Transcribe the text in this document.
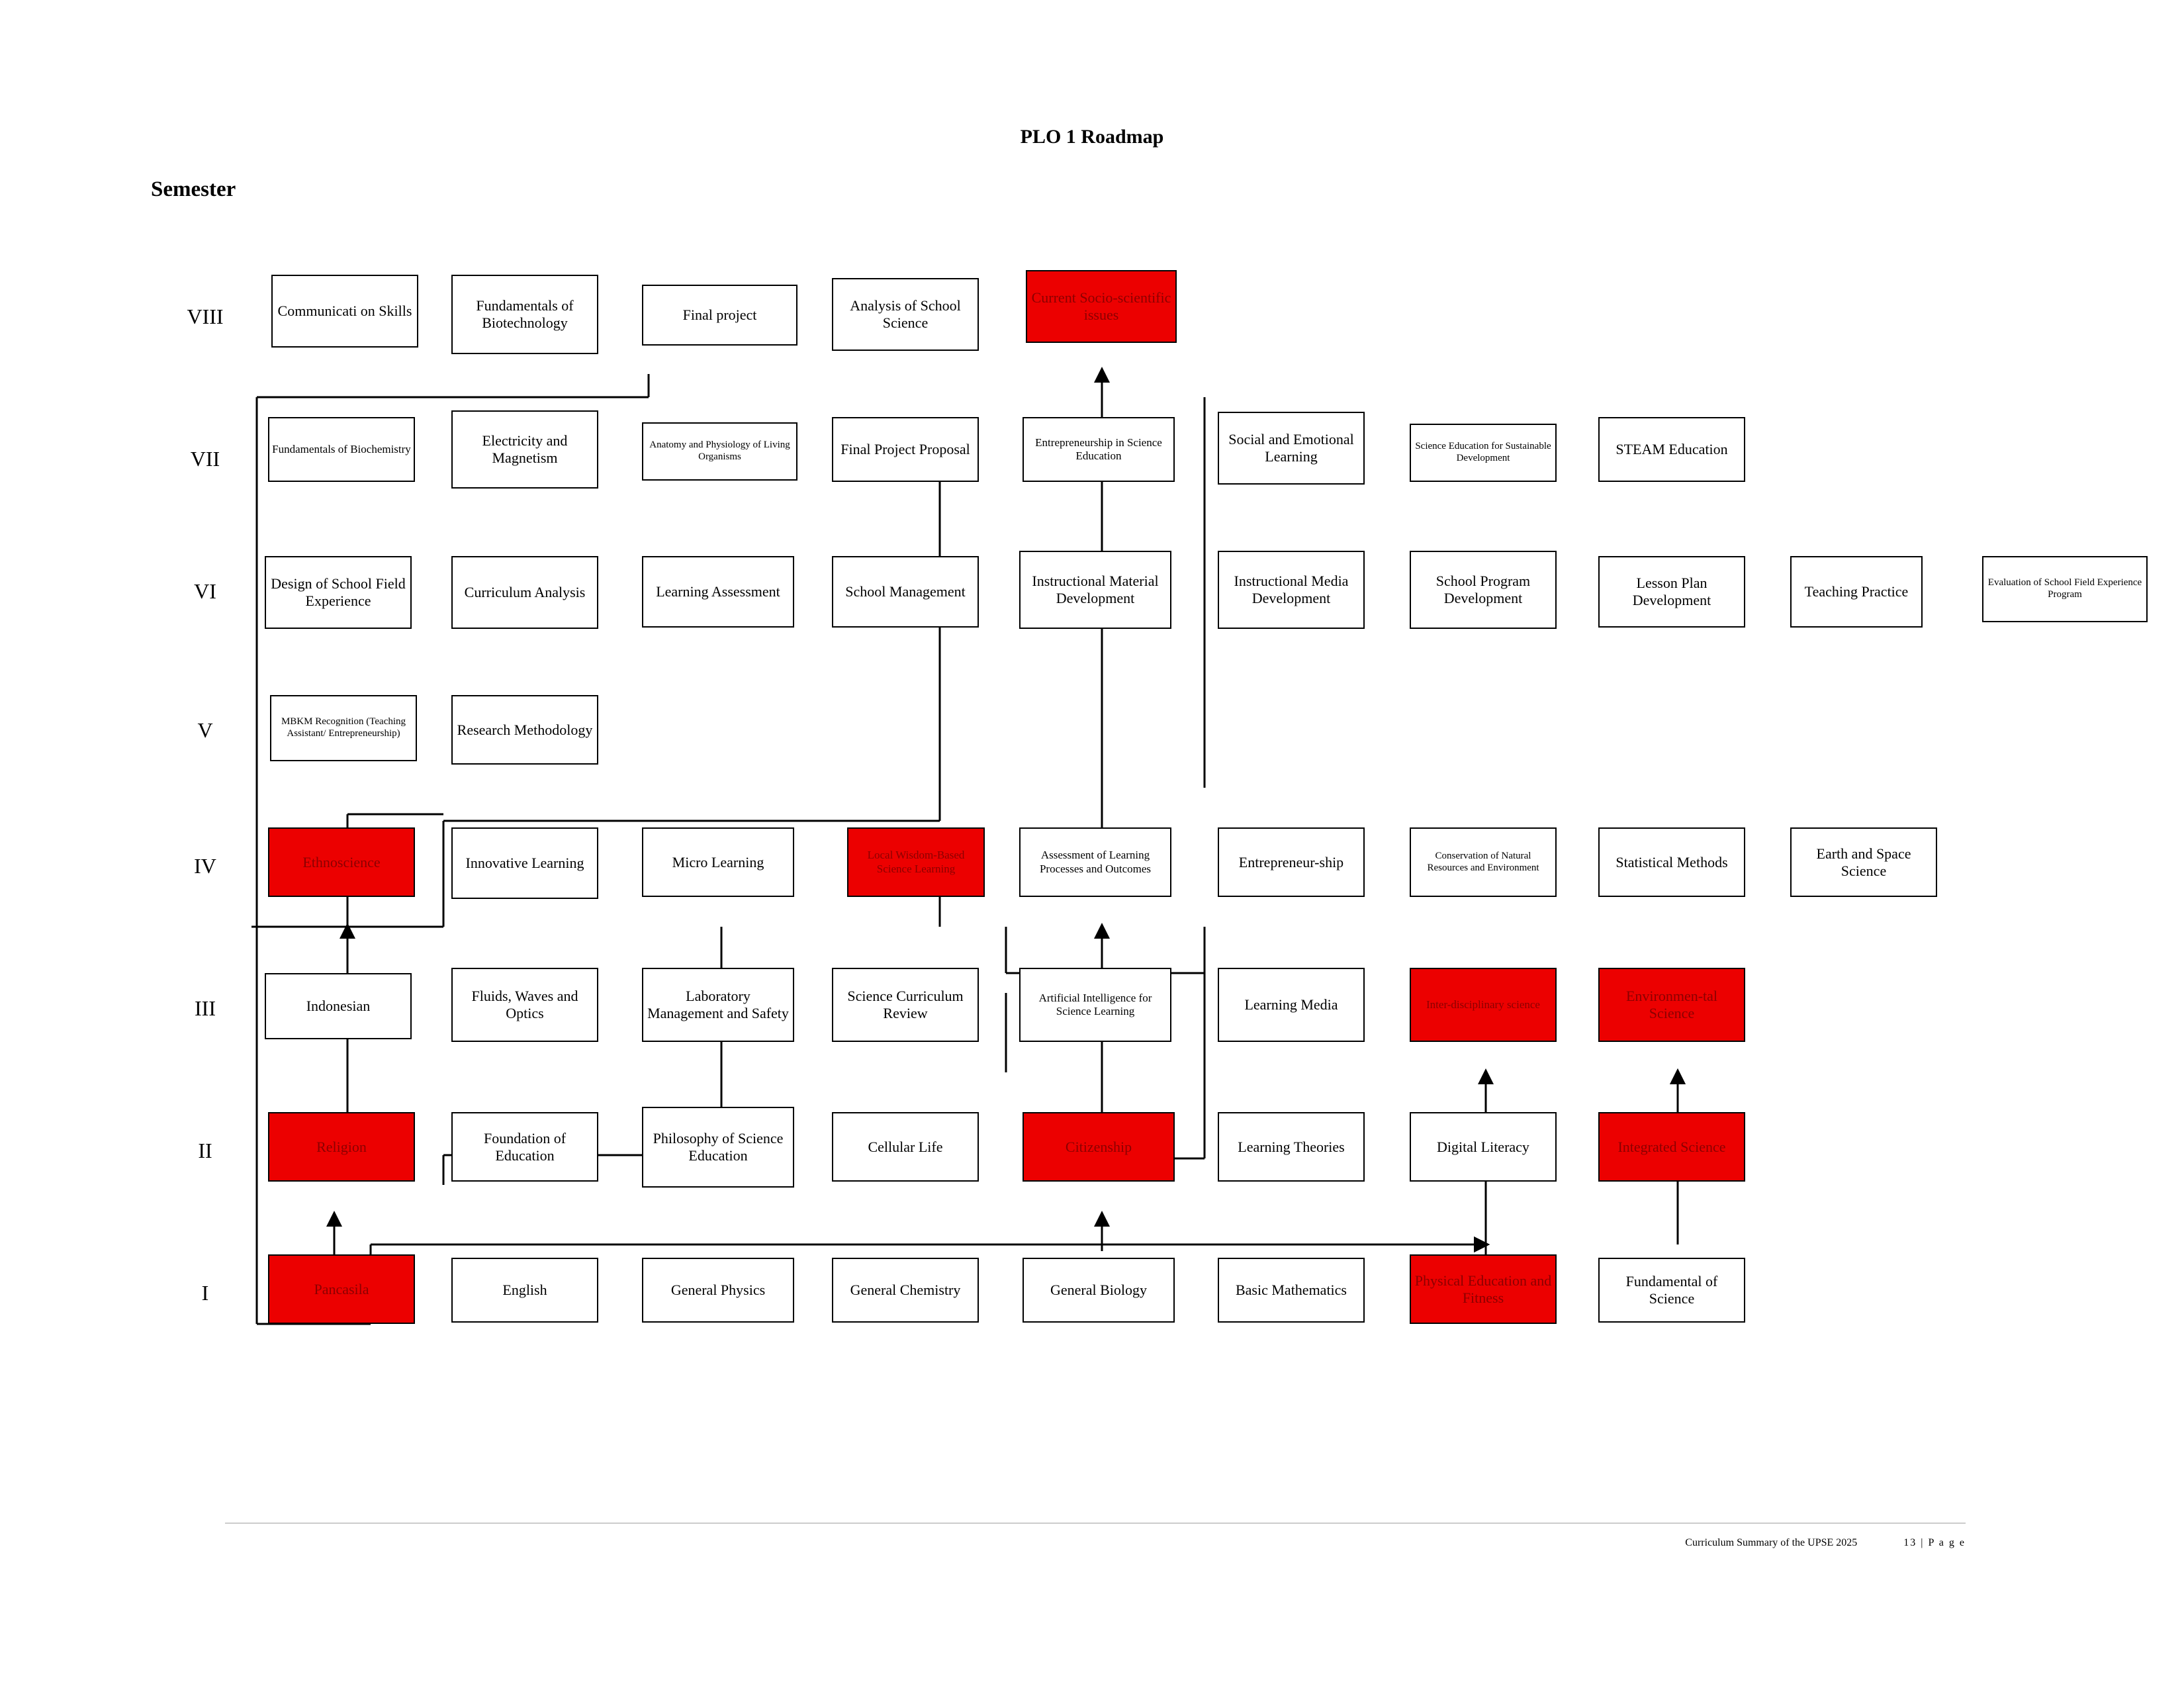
PLO 1 Roadmap
Semester
VIII
VII
VI
V
IV
III
II
I
Communicati on Skills	Fundamentals of Biotechnology	Final project
Analysis of School Science
Current Socio-scientific issues
Fundamentals of Biochemistry
Electricity and Magnetism
Anatomy and Physiology of Living Organisms	Final Project Proposal	Entrepreneurship in Science Education
Social and Emotional Learning
Science Education for Sustainable Development
STEAM Education
Design of School Field Experience
Curriculum Analysis	Learning Assessment	School Management
Instructional Material Development
Instructional Media Development
School Program Development
Lesson Plan Development
Teaching Practice
Evaluation of School Field Experience Program
MBKM Recognition (Teaching Assistant/ Entrepreneurship)	Research Methodology
Ethnoscience	Innovative Learning	Micro Learning	Local Wisdom-Based Science Learning
Assessment of Learning Processes and Outcomes	Entrepreneur-ship	Conservation of Natural Resources and Environment	Statistical Methods
Earth and Space Science
Indonesian
Fluids, Waves and Optics
Laboratory Management and Safety
Science Curriculum Review
Artificial Intelligence for Science Learning	Learning Media	Inter-disciplinary science
Environmen-tal Science
Religion
Foundation of Education
Philosophy of Science Education
Cellular Life	Citizenship	Learning Theories	Digital Literacy	Integrated Science
Pancasila	English	General Physics	General Chemistry	General Biology	Basic Mathematics
Physical Education and Fitness
Fundamental of Science
Curriculum Summary of the UPSE 2025	13 | P a g e
